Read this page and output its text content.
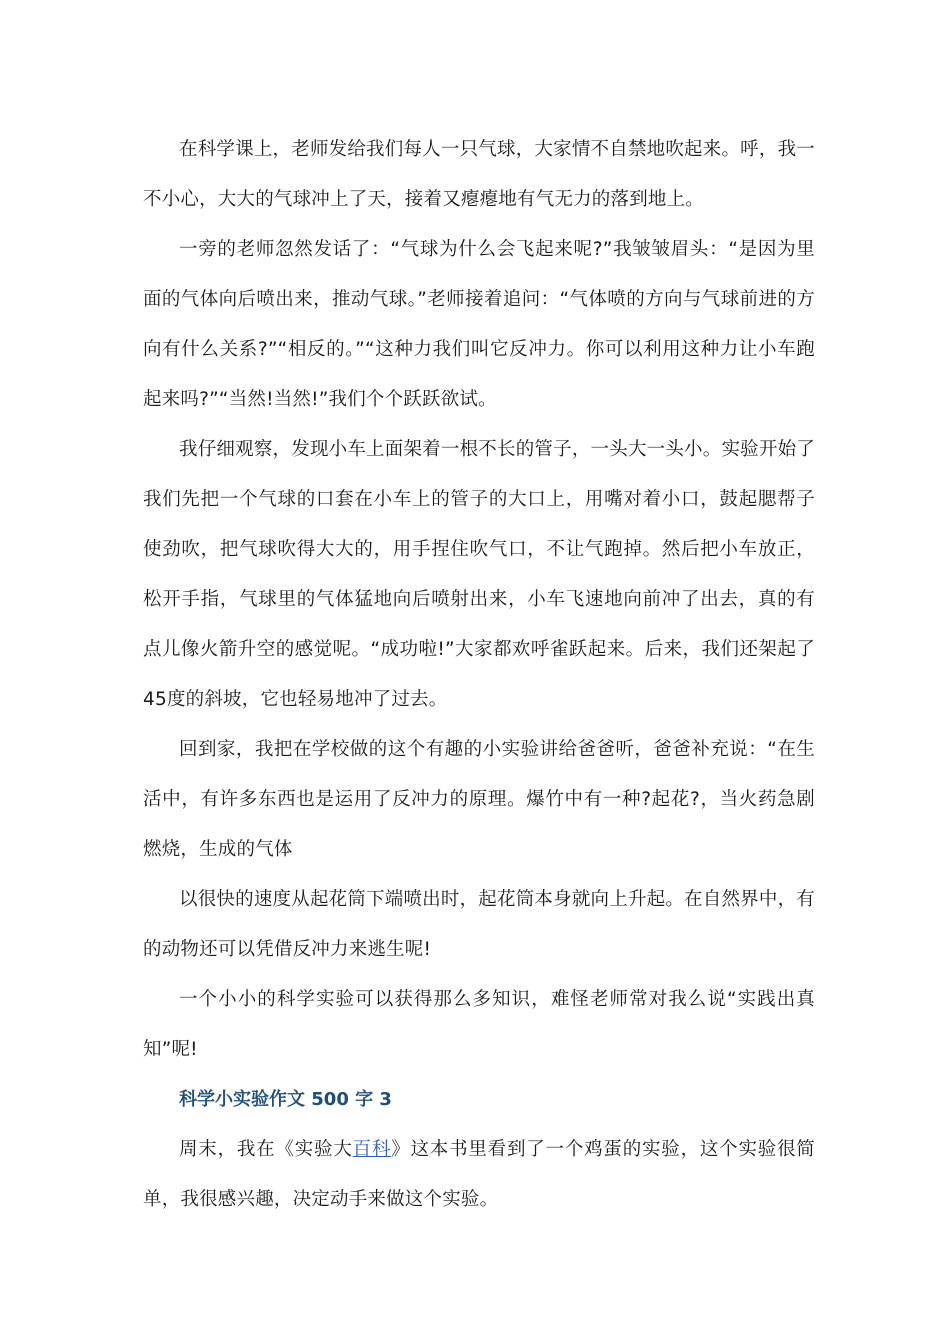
在科学课上，老师发给我们每人一只气球，大家情不自禁地吹起来。呼，我一不小心，大大的气球冲上了天，接着又瘪瘪地有气无力的落到地上。

一旁的老师忽然发话了：“气球为什么会飞起来呢?”我皱皱眉头：“是因为里面的气体向后喷出来，推动气球。”老师接着追问：“气体喷的方向与气球前进的方向有什么关系?”“相反的。”“这种力我们叫它反冲力。你可以利用这种力让小车跑起来吗?”“当然!当然!”我们个个跃跃欲试。

我仔细观察，发现小车上面架着一根不长的管子，一头大一头小。实验开始了我们先把一个气球的口套在小车上的管子的大口上，用嘴对着小口，鼓起腮帮子使劲吹，把气球吹得大大的，用手捏住吹气口，不让气跑掉。然后把小车放正，松开手指，气球里的气体猛地向后喷射出来，小车飞速地向前冲了出去，真的有点儿像火箭升空的感觉呢。“成功啦!”大家都欢呼雀跃起来。后来，我们还架起了45度的斜坡，它也轻易地冲了过去。

回到家，我把在学校做的这个有趣的小实验讲给爸爸听，爸爸补充说：“在生活中，有许多东西也是运用了反冲力的原理。爆竹中有一种?起花?，当火药急剧燃烧，生成的气体

以很快的速度从起花筒下端喷出时，起花筒本身就向上升起。在自然界中，有的动物还可以凭借反冲力来逃生呢!

一个小小的科学实验可以获得那么多知识，难怪老师常对我么说“实践出真知”呢!

科学小实验作文 500 字 3

周末，我在《实验大百科》这本书里看到了一个鸡蛋的实验，这个实验很简单，我很感兴趣，决定动手来做这个实验。
